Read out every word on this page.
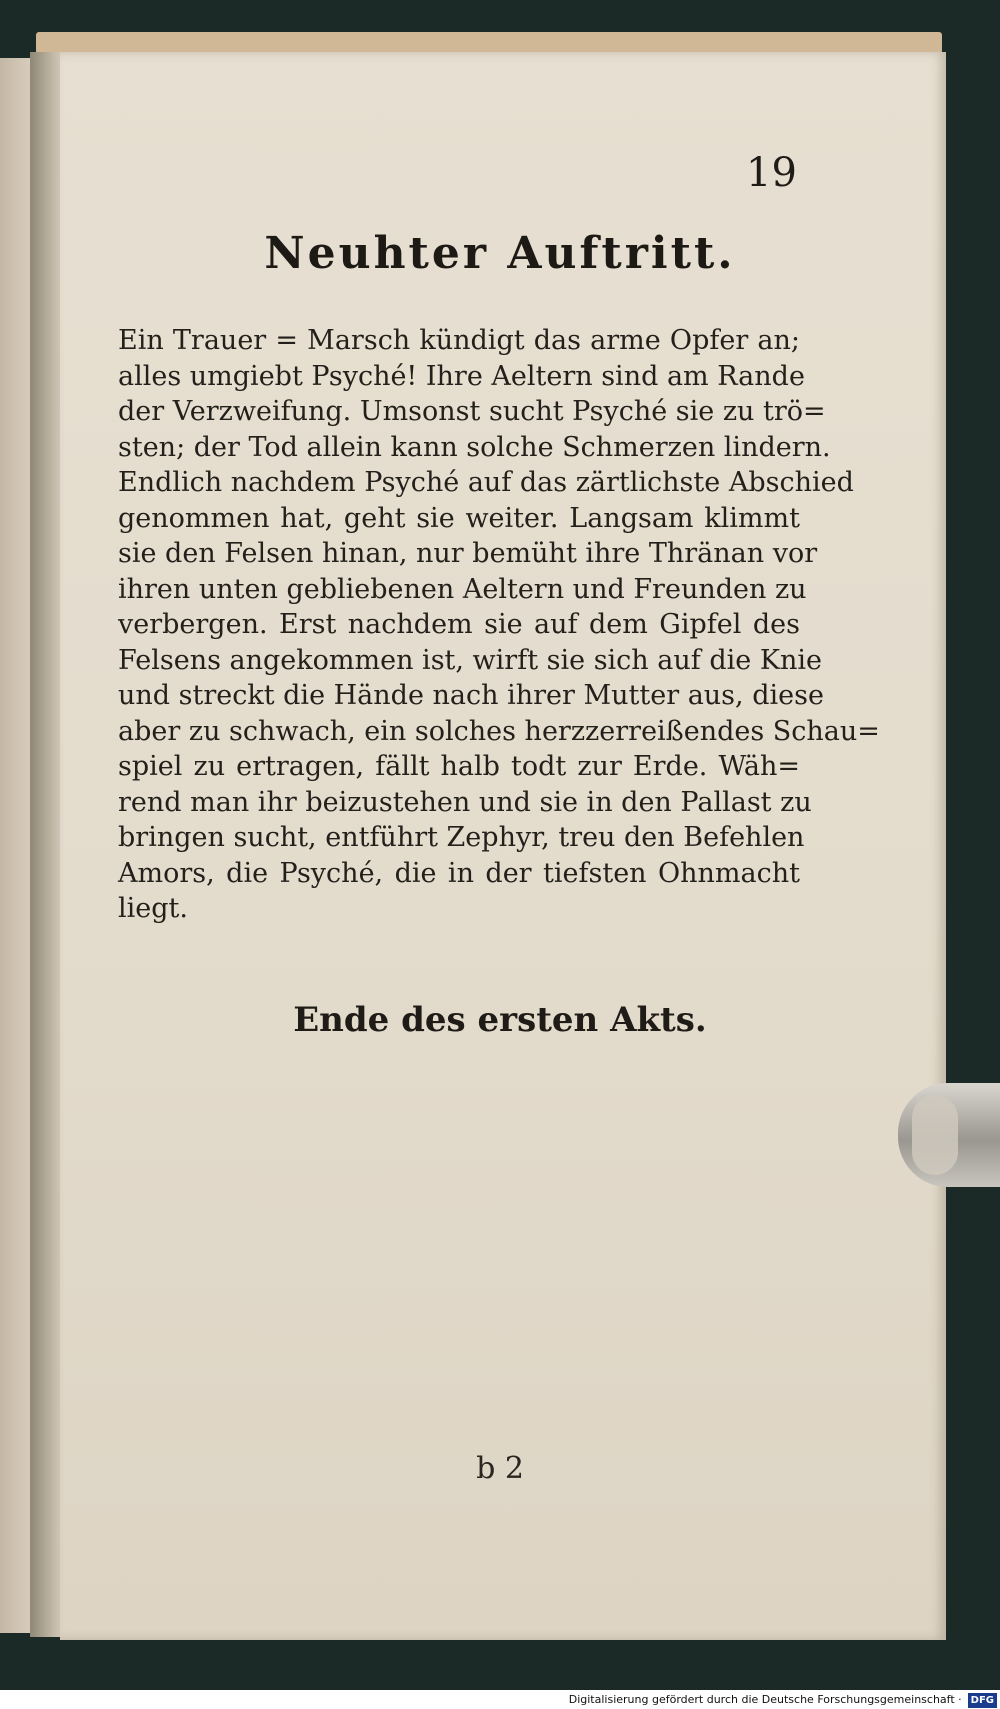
19
Neuhter Auftritt.
Ein Trauer = Marsch kündigt das arme Opfer an;
alles umgiebt Psyché! Ihre Aeltern sind am Rande
der Verzweifung. Umsonst sucht Psyché sie zu trö=
sten; der Tod allein kann solche Schmerzen lindern.
Endlich nachdem Psyché auf das zärtlichste Abschied
genommen hat, geht sie weiter. Langsam klimmt
sie den Felsen hinan, nur bemüht ihre Thränan vor
ihren unten gebliebenen Aeltern und Freunden zu
verbergen. Erst nachdem sie auf dem Gipfel des
Felsens angekommen ist, wirft sie sich auf die Knie
und streckt die Hände nach ihrer Mutter aus, diese
aber zu schwach, ein solches herzzerreißendes Schau=
spiel zu ertragen, fällt halb todt zur Erde. Wäh=
rend man ihr beizustehen und sie in den Pallast zu
bringen sucht, entführt Zephyr, treu den Befehlen
Amors, die Psyché, die in der tiefsten Ohnmacht
liegt.
Ende des ersten Akts.
b 2
Digitalisierung gefördert durch die Deutsche Forschungsgemeinschaft · DFG
